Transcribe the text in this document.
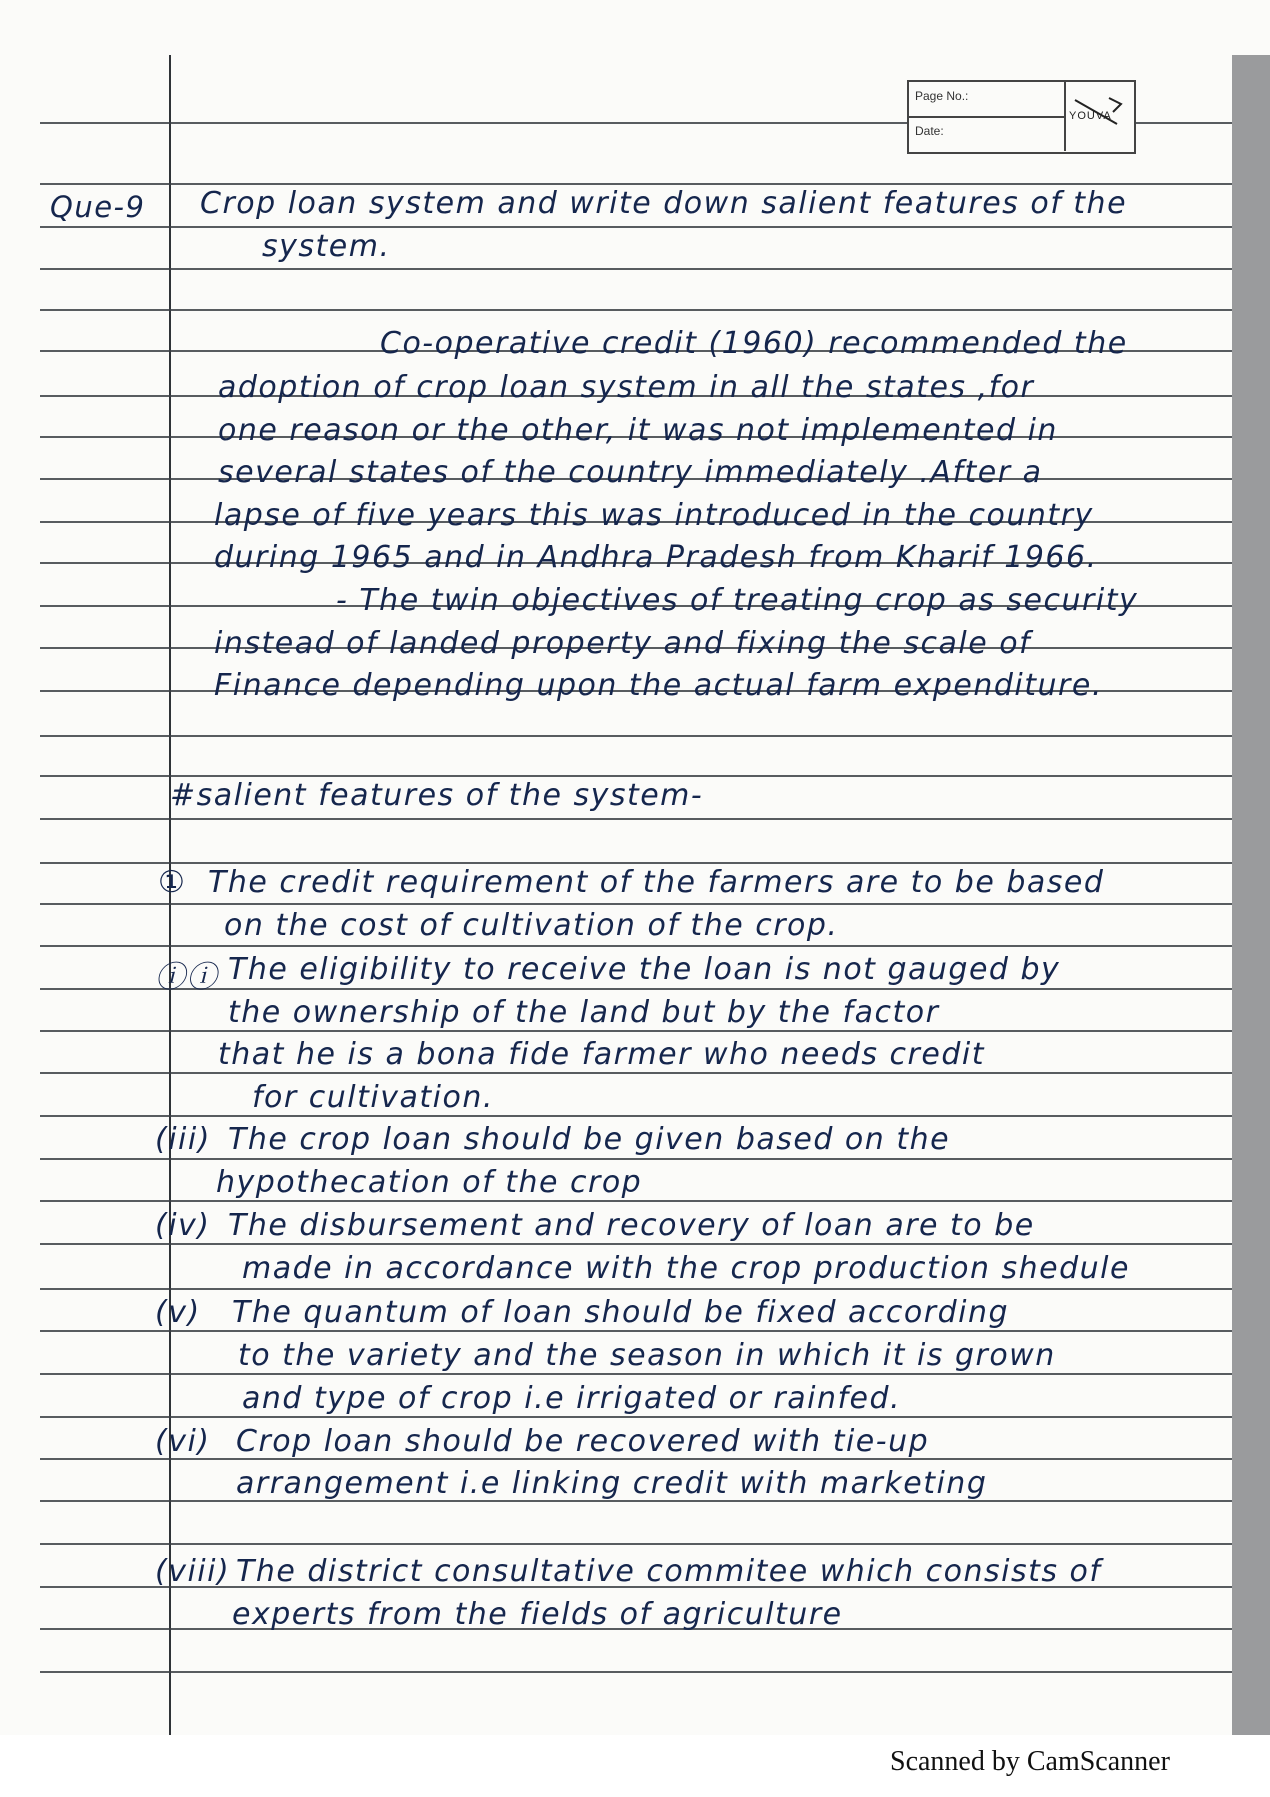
Page No.:
Date:
YOUVA
Que-9 Crop loan system and write down salient features of the
system.
Co-operative credit (1960) recommended the
adoption of crop loan system in all the states ,for
one reason or the other, it was not implemented in
several states of the country immediately .After a
lapse of five years this was introduced in the country
during 1965 and in Andhra Pradesh from Kharif 1966.
- The twin objectives of treating crop as security
instead of landed property and fixing the scale of
Finance depending upon the actual farm expenditure.
#salient features of the system-
① The credit requirement of the farmers are to be based
on the cost of cultivation of the crop.
ⓘⓘ The eligibility to receive the loan is not gauged by
the ownership of the land but by the factor
that he is a bona fide farmer who needs credit
for cultivation.
(iii) The crop loan should be given based on the
hypothecation of the crop
(iv) The disbursement and recovery of loan are to be
made in accordance with the crop production shedule
(v) The quantum of loan should be fixed according
to the variety and the season in which it is grown
and type of crop i.e irrigated or rainfed.
(vi) Crop loan should be recovered with tie-up
arrangement i.e linking credit with marketing
(viii) The district consultative commitee which consists of
experts from the fields of agriculture
Scanned by CamScanner
